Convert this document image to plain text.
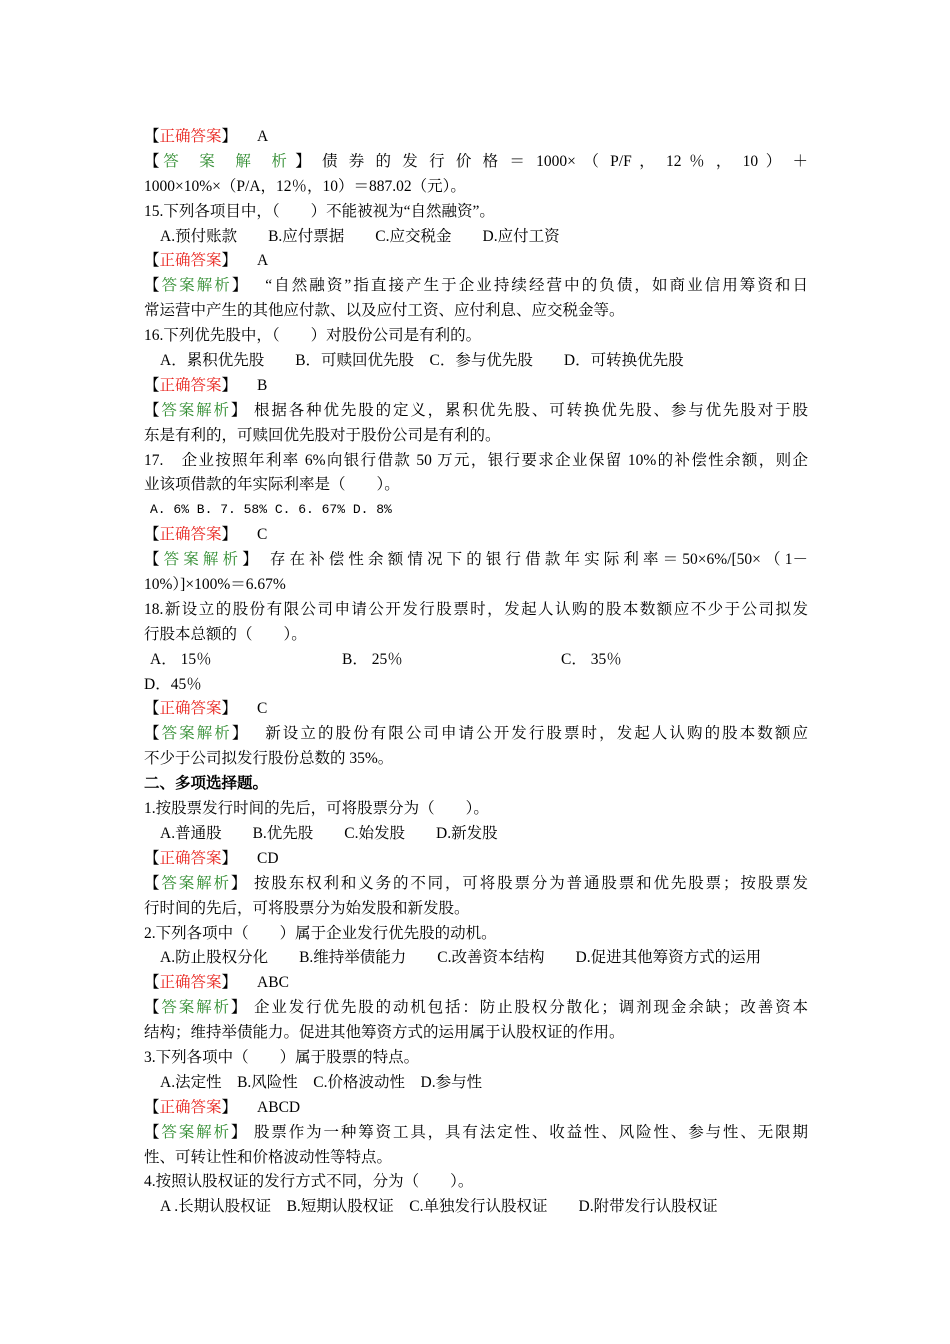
【正确答案】 A
【答 案 解 析】 债 券 的 发 行 价 格 ＝ 1000× （ P/F ， 12 ％ ， 10 ） ＋
1000×10%×（P/A，12％，10）＝887.02（元）。
15.下列各项目中，（　　）不能被视为“自然融资”。
A.预付账款　　B.应付票据　　C.应交税金　　D.应付工资
【正确答案】 A
【答案解析】　 “自然融资”指直接产生于企业持续经营中的负债，如商业信用筹资和日
常运营中产生的其他应付款、以及应付工资、应付利息、应交税金等。
16.下列优先股中，（　　）对股份公司是有利的。
A．累积优先股　　B．可赎回优先股　C．参与优先股　　D．可转换优先股
【正确答案】 B
【答案解析】 根据各种优先股的定义，累积优先股、可转换优先股、参与优先股对于股
东是有利的，可赎回优先股对于股份公司是有利的。
17.　企业按照年利率 6%向银行借款 50 万元，银行要求企业保留 10%的补偿性余额，则企
业该项借款的年实际利率是（　　）。
A. 6% B. 7. 58% C. 6. 67% D. 8%
【正确答案】 C
【答案解析】 存在补偿性余额情况下的银行借款年实际利率＝50×6%/[50×（1－
10%）]×100%＝6.67%
18.新设立的股份有限公司申请公开发行股票时，发起人认购的股本数额应不少于公司拟发
行股本总额的（　　）。
A． 15％	B． 25％	C． 35％
D．45％
【正确答案】 C
【答案解析】　 新设立的股份有限公司申请公开发行股票时，发起人认购的股本数额应
不少于公司拟发行股份总数的 35%。
二、多项选择题。
1.按股票发行时间的先后，可将股票分为（　　）。
A.普通股　　B.优先股　　C.始发股　　D.新发股
【正确答案】 CD
【答案解析】 按股东权利和义务的不同，可将股票分为普通股票和优先股票；按股票发
行时间的先后，可将股票分为始发股和新发股。
2.下列各项中（　　）属于企业发行优先股的动机。
A.防止股权分化　　B.维持举债能力　　C.改善资本结构　　D.促进其他筹资方式的运用
【正确答案】 ABC
【答案解析】 企业发行优先股的动机包括：防止股权分散化；调剂现金余缺；改善资本
结构；维持举债能力。促进其他筹资方式的运用属于认股权证的作用。
3.下列各项中（　　）属于股票的特点。
A.法定性　B.风险性　C.价格波动性　D.参与性
【正确答案】 ABCD
【答案解析】 股票作为一种筹资工具，具有法定性、收益性、风险性、参与性、无限期
性、可转让性和价格波动性等特点。
4.按照认股权证的发行方式不同，分为（　　）。
A .长期认股权证　B.短期认股权证　C.单独发行认股权证　　D.附带发行认股权证
